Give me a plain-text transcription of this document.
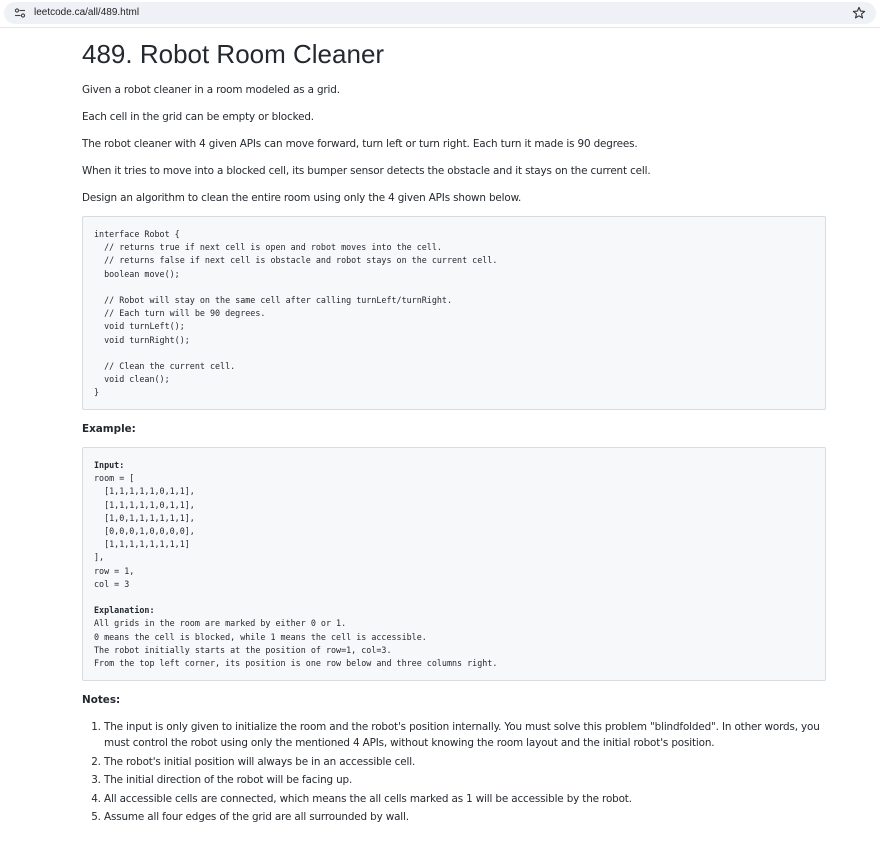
leetcode.ca/all/489.html
489. Robot Room Cleaner

Given a robot cleaner in a room modeled as a grid.

Each cell in the grid can be empty or blocked.

The robot cleaner with 4 given APIs can move forward, turn left or turn right. Each turn it made is 90 degrees.

When it tries to move into a blocked cell, its bumper sensor detects the obstacle and it stays on the current cell.

Design an algorithm to clean the entire room using only the 4 given APIs shown below.

interface Robot {
// returns true if next cell is open and robot moves into the cell.
// returns false if next cell is obstacle and robot stays on the current cell.
boolean move();

// Robot will stay on the same cell after calling turnLeft/turnRight.
// Each turn will be 90 degrees.
void turnLeft();
void turnRight();

// Clean the current cell.
void clean();
}

Example:

Input:
room = [
[1,1,1,1,1,0,1,1],
[1,1,1,1,1,0,1,1],
[1,0,1,1,1,1,1,1],
[0,0,0,1,0,0,0,0],
[1,1,1,1,1,1,1,1]
],
row = 1,
col = 3

Explanation:
All grids in the room are marked by either 0 or 1.
0 means the cell is blocked, while 1 means the cell is accessible.
The robot initially starts at the position of row=1, col=3.
From the top left corner, its position is one row below and three columns right.

Notes:

1. The input is only given to initialize the room and the robot's position internally. You must solve this problem "blindfolded". In other words, you must control the robot using only the mentioned 4 APIs, without knowing the room layout and the initial robot's position.
2. The robot's initial position will always be in an accessible cell.
3. The initial direction of the robot will be facing up.
4. All accessible cells are connected, which means the all cells marked as 1 will be accessible by the robot.
5. Assume all four edges of the grid are all surrounded by wall.
